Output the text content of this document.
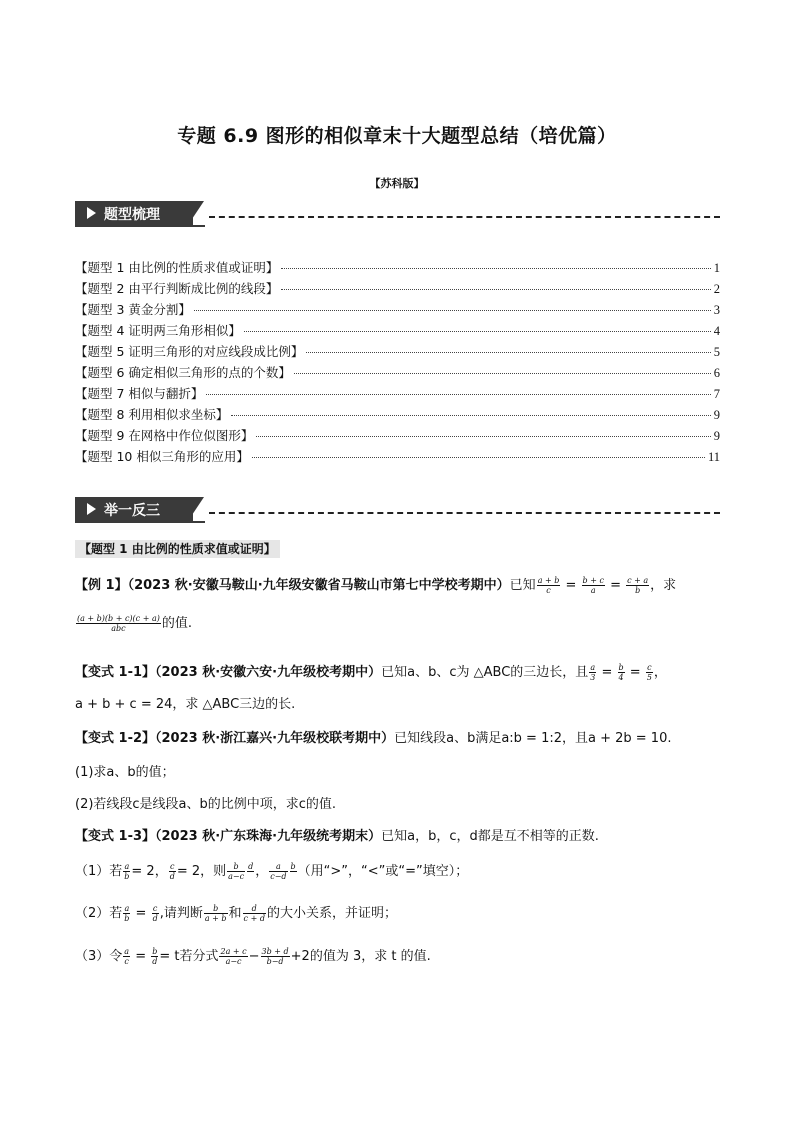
专题 6.9 图形的相似章末十大题型总结（培优篇）
【苏科版】
题型梳理
【题型 1 由比例的性质求值或证明】	1
【题型 2 由平行判断成比例的线段】	2
【题型 3 黄金分割】	3
【题型 4 证明两三角形相似】	4
【题型 5 证明三角形的对应线段成比例】	5
【题型 6 确定相似三角形的点的个数】	6
【题型 7 相似与翻折】	7
【题型 8 利用相似求坐标】	9
【题型 9 在网格中作位似图形】	9
【题型 10 相似三角形的应用】	11
举一反三
【题型 1 由比例的性质求值或证明】
【例 1】（2023 秋·安徽马鞍山·九年级安徽省马鞍山市第七中学校考期中）已知 $\frac{a + b}{c} = \frac{b + c}{a} = \frac{c + a}{b}$ ，求
$\frac{(a + b)(b + c)(c + a)}{\text{abc}}$ 的值.
【变式 1-1】（2023 秋·安徽六安·九年级校考期中）已知a、b、c为 △ABC的三边长，且 $\frac{a}{3} = \frac{b}{4} = \frac{c}{5}$ ，
a + b + c = 24，求 △ABC三边的长.
【变式 1-2】（2023 秋·浙江嘉兴·九年级校联考期中）已知线段a、b满足a:b = 1:2，且a + 2b = 10.
(1)求a、b的值；
(2)若线段c是线段a、b的比例中项，求c的值.
【变式 1-3】（2023 秋·广东珠海·九年级统考期末）已知a，b，c，d都是互不相等的正数.
（1）若 $\frac{a}{b} = 2$， $\frac{c}{d} = 2$，则 $\frac{b}{a-c}$ d
， $\frac{a}{c-d}$ b
（用“>”，“<”或“=”填空）；
（2）若 $\frac{a}{b} = \frac{c}{d}$ ,请判断 $\frac{b}{a + b}$ 和 $\frac{d}{c + d}$ 的大小关系，并证明；
（3）令 $\frac{a}{c} = \frac{b}{d} = t$若分式 $\frac{2a + c}{a-c} - \frac{3b + d}{b-d} +2$的值为 3，求 t 的值.
